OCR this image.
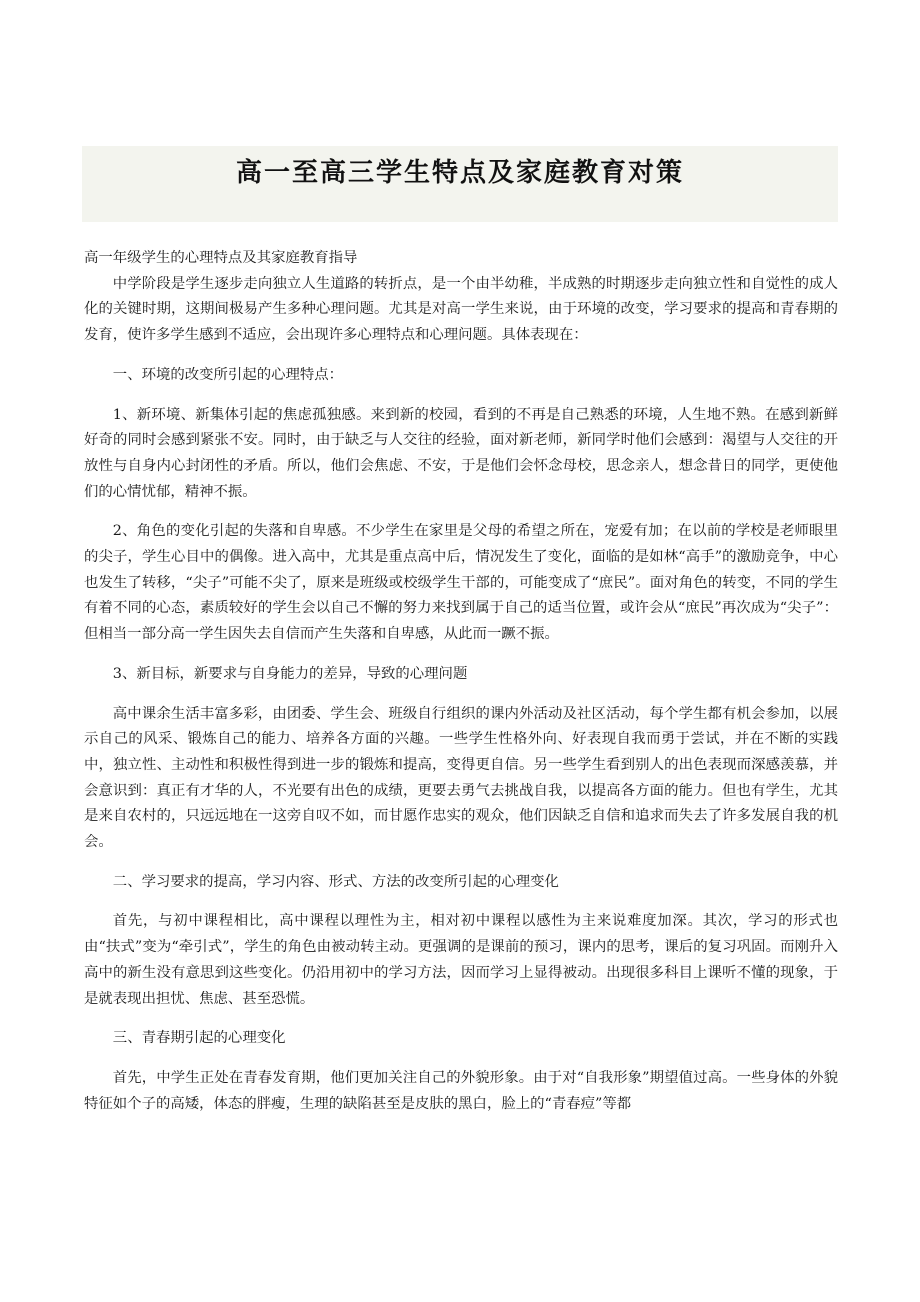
高一至高三学生特点及家庭教育对策

高一年级学生的心理特点及其家庭教育指导

中学阶段是学生逐步走向独立人生道路的转折点，是一个由半幼稚，半成熟的时期逐步走向独立性和自觉性的成人化的关键时期，这期间极易产生多种心理问题。尤其是对高一学生来说，由于环境的改变，学习要求的提高和青春期的发育，使许多学生感到不适应，会出现许多心理特点和心理问题。具体表现在：

一、环境的改变所引起的心理特点：

1、新环境、新集体引起的焦虑孤独感。来到新的校园，看到的不再是自己熟悉的环境，人生地不熟。在感到新鲜好奇的同时会感到紧张不安。同时，由于缺乏与人交往的经验，面对新老师，新同学时他们会感到：渴望与人交往的开放性与自身内心封闭性的矛盾。所以，他们会焦虑、不安，于是他们会怀念母校，思念亲人，想念昔日的同学，更使他们的心情忧郁，精神不振。

2、角色的变化引起的失落和自卑感。不少学生在家里是父母的希望之所在，宠爱有加；在以前的学校是老师眼里的尖子，学生心目中的偶像。进入高中，尤其是重点高中后，情况发生了变化，面临的是如林“高手”的激励竞争，中心也发生了转移，“尖子”可能不尖了，原来是班级或校级学生干部的，可能变成了“庶民”。面对角色的转变，不同的学生有着不同的心态，素质较好的学生会以自己不懈的努力来找到属于自己的适当位置，或许会从“庶民”再次成为“尖子”：但相当一部分高一学生因失去自信而产生失落和自卑感，从此而一蹶不振。

3、新目标，新要求与自身能力的差异，导致的心理问题

高中课余生活丰富多彩，由团委、学生会、班级自行组织的课内外活动及社区活动，每个学生都有机会参加，以展示自己的风采、锻炼自己的能力、培养各方面的兴趣。一些学生性格外向、好表现自我而勇于尝试，并在不断的实践中，独立性、主动性和积极性得到进一步的锻炼和提高，变得更自信。另一些学生看到别人的出色表现而深感羡慕，并会意识到：真正有才华的人，不光要有出色的成绩，更要去勇气去挑战自我，以提高各方面的能力。但也有学生，尤其是来自农村的，只远远地在一这旁自叹不如，而甘愿作忠实的观众，他们因缺乏自信和追求而失去了许多发展自我的机会。

二、学习要求的提高，学习内容、形式、方法的改变所引起的心理变化

首先，与初中课程相比，高中课程以理性为主，相对初中课程以感性为主来说难度加深。其次，学习的形式也由“扶式”变为“牵引式”，学生的角色由被动转主动。更强调的是课前的预习，课内的思考，课后的复习巩固。而刚升入高中的新生没有意思到这些变化。仍沿用初中的学习方法，因而学习上显得被动。出现很多科目上课听不懂的现象，于是就表现出担忧、焦虑、甚至恐慌。

三、青春期引起的心理变化

首先，中学生正处在青春发育期，他们更加关注自己的外貌形象。由于对“自我形象”期望值过高。一些身体的外貌特征如个子的高矮，体态的胖瘦，生理的缺陷甚至是皮肤的黑白，脸上的“青春痘”等都
